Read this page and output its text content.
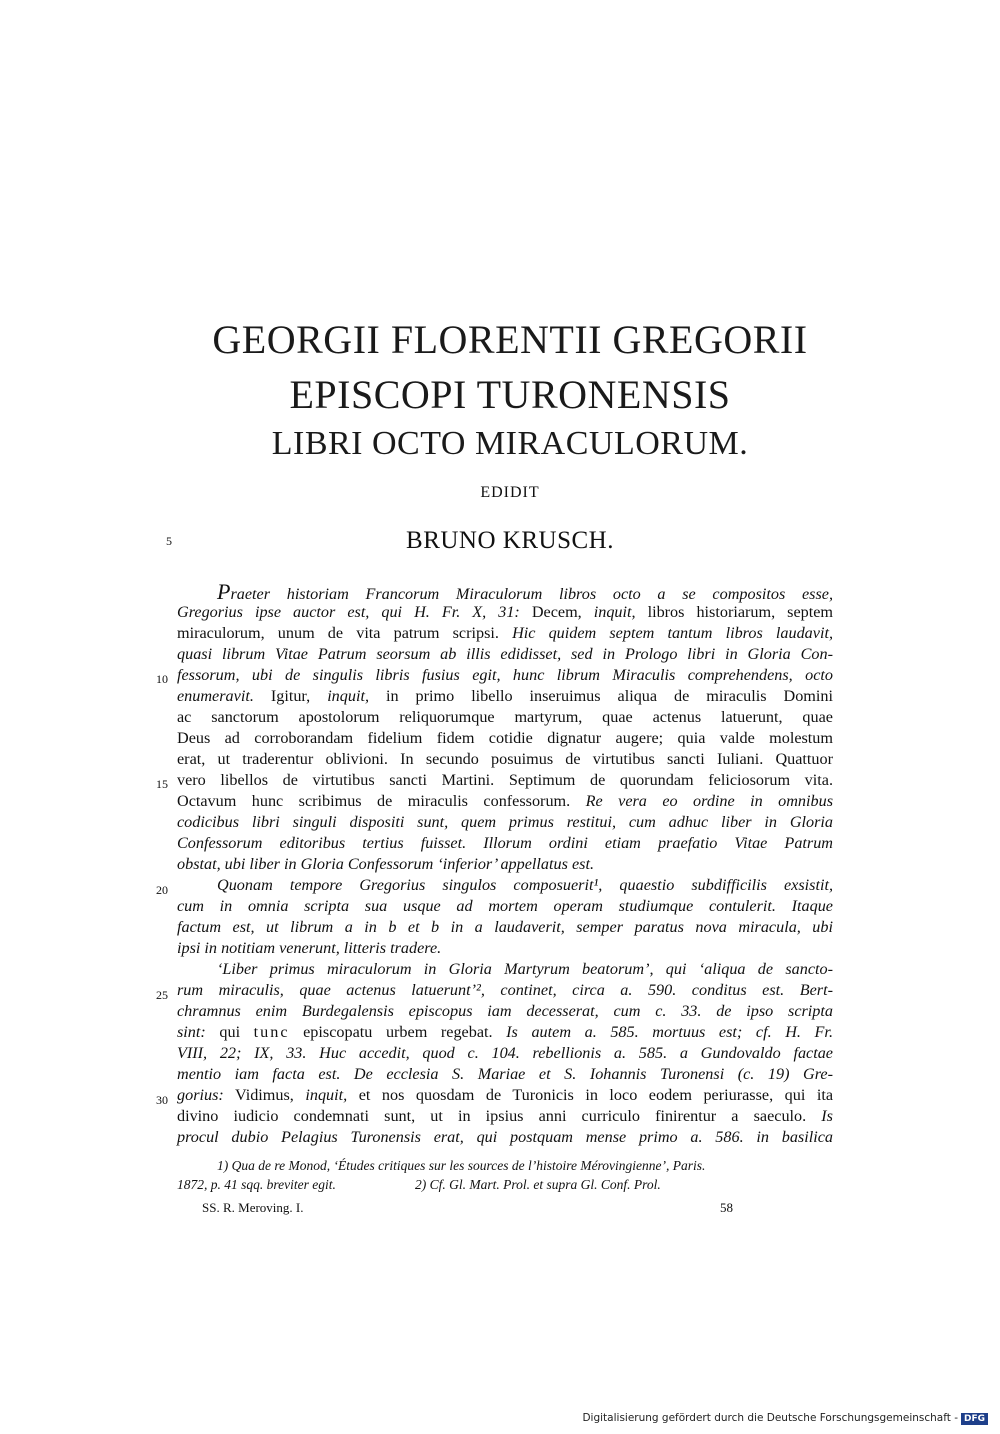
GEORGII FLORENTII GREGORII
EPISCOPI TURONENSIS
LIBRI OCTO MIRACULORUM.
EDIDIT
BRUNO KRUSCH.
5
10
15
20
25
30
Praeter historiam Francorum Miraculorum libros octo a se compositos esse,
Gregorius ipse auctor est, qui H. Fr. X, 31: Decem, inquit, libros historiarum, septem
miraculorum, unum de vita patrum scripsi. Hic quidem septem tantum libros laudavit,
quasi librum Vitae Patrum seorsum ab illis edidisset, sed in Prologo libri in Gloria Con-
fessorum, ubi de singulis libris fusius egit, hunc librum Miraculis comprehendens, octo
enumeravit. Igitur, inquit, in primo libello inseruimus aliqua de miraculis Domini
ac sanctorum apostolorum reliquorumque martyrum, quae actenus latuerunt, quae
Deus ad corroborandam fidelium fidem cotidie dignatur augere; quia valde molestum
erat, ut traderentur oblivioni. In secundo posuimus de virtutibus sancti Iuliani. Quattuor
vero libellos de virtutibus sancti Martini. Septimum de quorundam feliciosorum vita.
Octavum hunc scribimus de miraculis confessorum. Re vera eo ordine in omnibus
codicibus libri singuli dispositi sunt, quem primus restitui, cum adhuc liber in Gloria
Confessorum editoribus tertius fuisset. Illorum ordini etiam praefatio Vitae Patrum
obstat, ubi liber in Gloria Confessorum ‘inferior’ appellatus est.
Quonam tempore Gregorius singulos composuerit¹, quaestio subdifficilis exsistit,
cum in omnia scripta sua usque ad mortem operam studiumque contulerit. Itaque
factum est, ut librum a in b et b in a laudaverit, semper paratus nova miracula, ubi
ipsi in notitiam venerunt, litteris tradere.
‘Liber primus miraculorum in Gloria Martyrum beatorum’, qui ‘aliqua de sancto-
rum miraculis, quae actenus latuerunt’², continet, circa a. 590. conditus est. Bert-
chramnus enim Burdegalensis episcopus iam decesserat, cum c. 33. de ipso scripta
sint: qui tunc episcopatu urbem regebat. Is autem a. 585. mortuus est; cf. H. Fr.
VIII, 22; IX, 33. Huc accedit, quod c. 104. rebellionis a. 585. a Gundovaldo factae
mentio iam facta est. De ecclesia S. Mariae et S. Iohannis Turonensi (c. 19) Gre-
gorius: Vidimus, inquit, et nos quosdam de Turonicis in loco eodem periurasse, qui ita
divino iudicio condemnati sunt, ut in ipsius anni curriculo finirentur a saeculo. Is
procul dubio Pelagius Turonensis erat, qui postquam mense primo a. 586. in basilica
1) Qua de re Monod, ‘Études critiques sur les sources de l’histoire Mérovingienne’, Paris.
1872, p. 41 sqq. breviter egit.	2) Cf. Gl. Mart. Prol. et supra Gl. Conf. Prol.
SS. R. Meroving. I.	58
Digitalisierung gefördert durch die Deutsche Forschungsgemeinschaft - DFG
